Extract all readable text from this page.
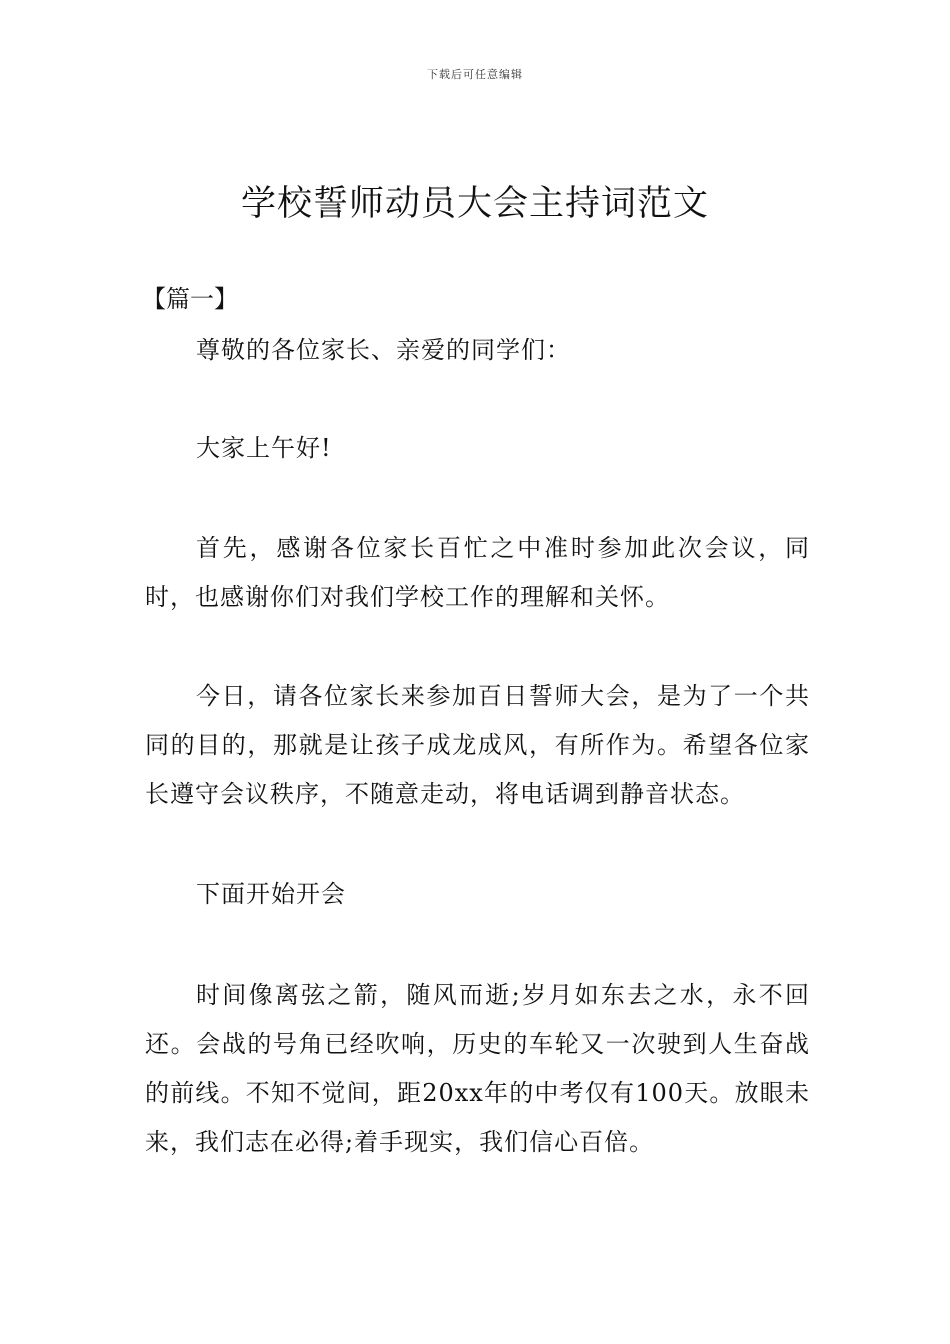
下载后可任意编辑
学校誓师动员大会主持词范文
【篇一】

尊敬的各位家长、亲爱的同学们：

大家上午好!

首先，感谢各位家长百忙之中准时参加此次会议，同时，也感谢你们对我们学校工作的理解和关怀。

今日，请各位家长来参加百日誓师大会，是为了一个共同的目的，那就是让孩子成龙成风，有所作为。希望各位家长遵守会议秩序，不随意走动，将电话调到静音状态。

下面开始开会

时间像离弦之箭，随风而逝;岁月如东去之水，永不回还。会战的号角已经吹响，历史的车轮又一次驶到人生奋战的前线。不知不觉间，距20xx年的中考仅有100天。放眼未来，我们志在必得;着手现实，我们信心百倍。
